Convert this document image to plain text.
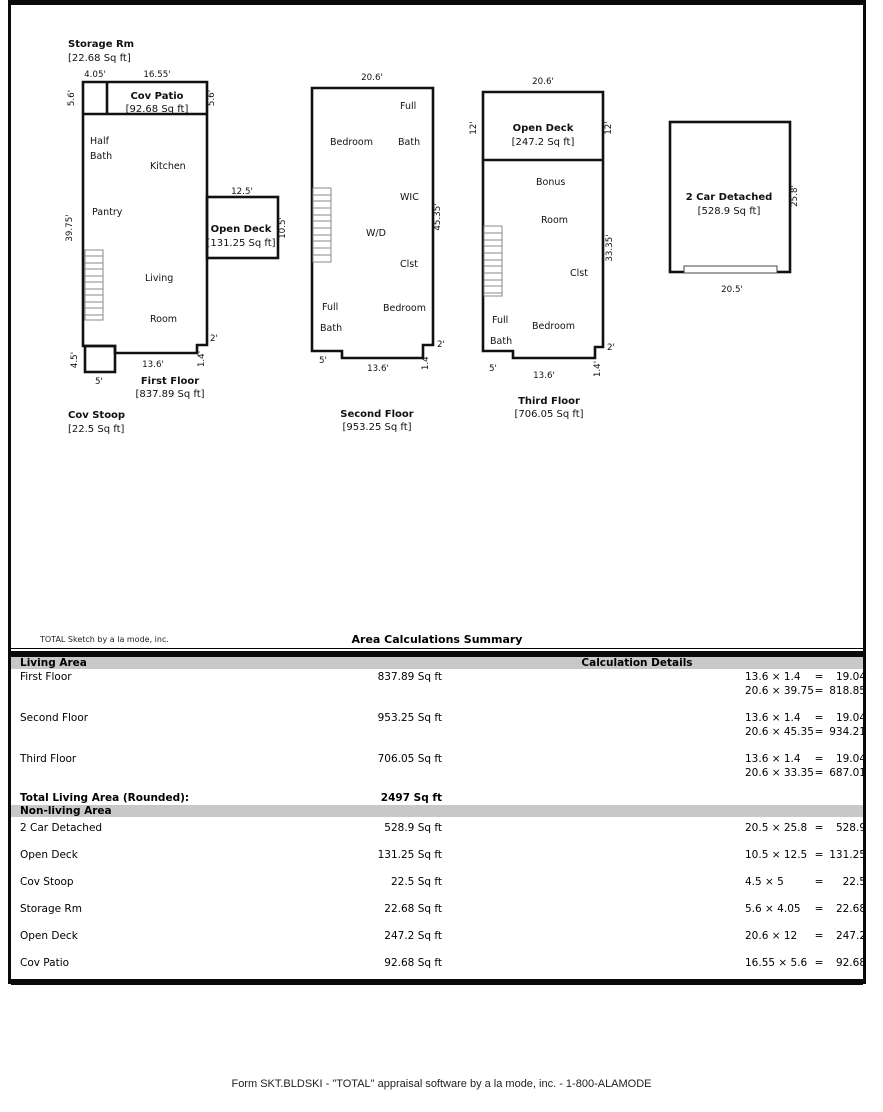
Storage Rm
[22.68 Sq ft]
4.05'	16.55'
Cov Patio
[92.68 Sq ft]
5.6'	5.6'
Half
Bath
Kitchen
Pantry
39.75'
12.5'
Open Deck
[131.25 Sq ft]
10.5'
Living
Room
2'
1.4'
13.6'
4.5'
5'	First Floor
[837.89 Sq ft]
Cov Stoop
[22.5 Sq ft]
20.6'
Full
Bath
Bedroom
WIC
45.35'
W/D
Clst
Full
Bath
Bedroom
2'
5'
13.6'	1.4'
Second Floor
[953.25 Sq ft]
20.6'
12'	12'
Open Deck
[247.2 Sq ft]
Bonus
Room
33.35'
Clst
Full
Bath
Bedroom
2'
5'
13.6'	1.4'
Third Floor
[706.05 Sq ft]
2 Car Detached
[528.9 Sq ft]
25.8'
20.5'
TOTAL Sketch by a la mode, inc.	Area Calculations Summary
Living Area	Calculation Details
First Floor	837.89 Sq ft	13.6 × 1.4	=	19.04
20.6 × 39.75 = 818.85
Second Floor	953.25 Sq ft	13.6 × 1.4	=	19.04
20.6 × 45.35 = 934.21
Third Floor	706.05 Sq ft	13.6 × 1.4	=	19.04
20.6 × 33.35 = 687.01
Total Living Area (Rounded):	2497 Sq ft
Non-living Area
2 Car Detached	528.9 Sq ft	20.5 × 25.8 =	528.9
Open Deck	131.25 Sq ft	10.5 × 12.5 = 131.25
Cov Stoop	22.5 Sq ft	4.5 × 5	=	22.5
Storage Rm	22.68 Sq ft	5.6 × 4.05	=	22.68
Open Deck	247.2 Sq ft	20.6 × 12	=	247.2
Cov Patio	92.68 Sq ft	16.55 × 5.6 =	92.68
Form SKT.BLDSKI - "TOTAL" appraisal software by a la mode, inc. - 1-800-ALAMODE
